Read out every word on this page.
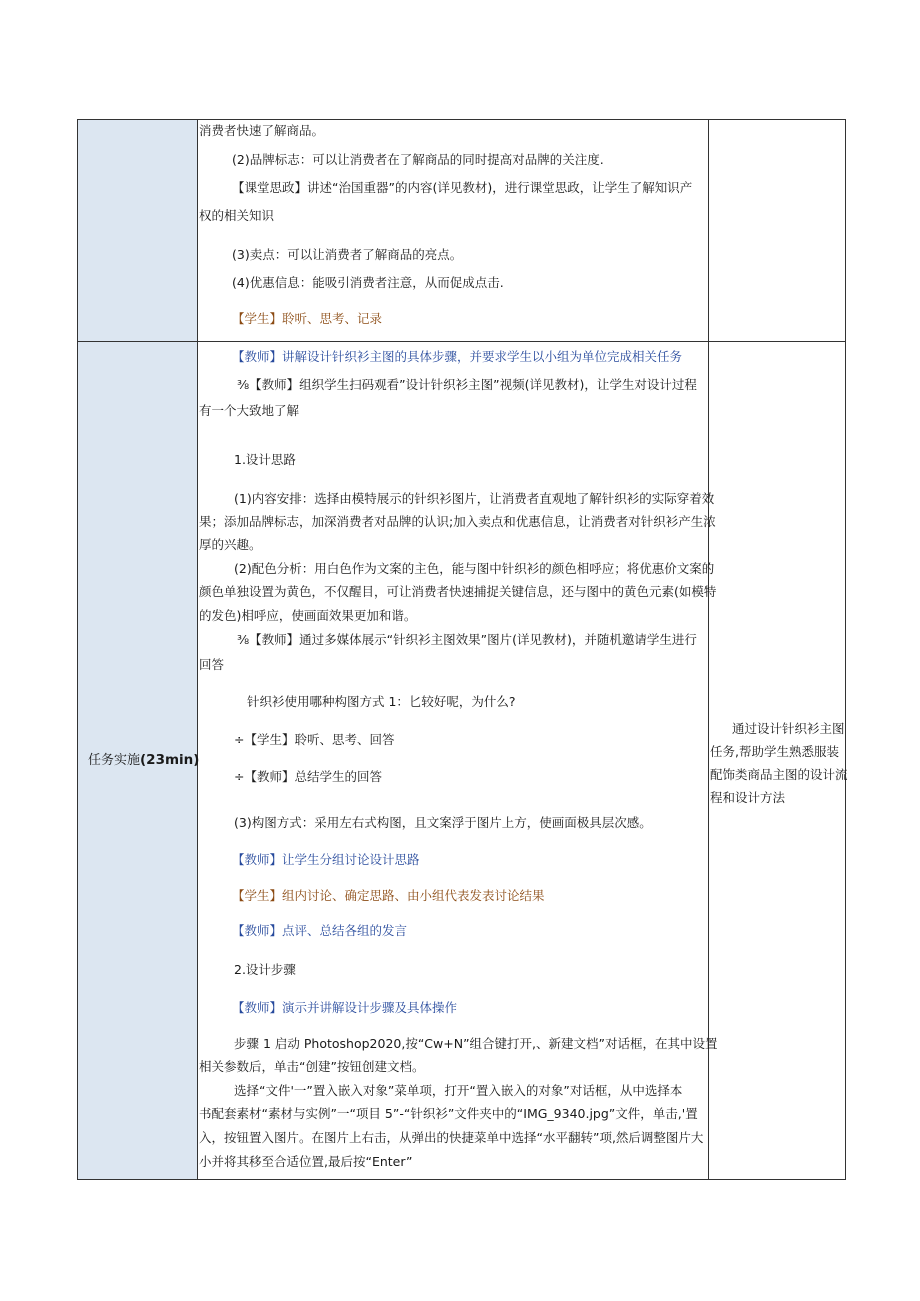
消费者快速了解商品。
(2)品牌标志：可以让消费者在了解商品的同时提高对品牌的关注度.
【课堂思政】讲述“治国重器”的内容(详见教材)，进行课堂思政，让学生了解知识产
权的相关知识
(3)卖点：可以让消费者了解商品的亮点。
(4)优惠信息：能吸引消费者注意，从而促成点击.
【学生】聆听、思考、记录
任务实施(23min)
通过设计针织衫主图
任务,帮助学生熟悉服装
配饰类商品主图的设计流
程和设计方法
【教师】讲解设计针织衫主图的具体步骤，并要求学生以小组为单位完成相关任务
⅜【教师】组织学生扫码观看”设计针织衫主图”视频(详见教材)，让学生对设计过程
有一个大致地了解
1.设计思路
(1)内容安排：选择由模特展示的针织衫图片，让消费者直观地了解针织衫的实际穿着效
果；添加品牌标志，加深消费者对品牌的认识;加入卖点和优惠信息，让消费者对针织衫产生浓
厚的兴趣。
(2)配色分析：用白色作为文案的主色，能与图中针织衫的颜色相呼应；将优惠价文案的
颜色单独设置为黄色，不仅醒目，可让消费者快速捕捉关键信息，还与图中的黄色元素(如模特
的发色)相呼应，使画面效果更加和谐。
⅜【教师】通过多媒体展示“针织衫主图效果”图片(详见教材)，并随机邀请学生进行
回答
针织衫使用哪种构图方式 1：匕较好呢，为什么?
÷【学生】聆听、思考、回答
÷【教师】总结学生的回答
(3)构图方式：采用左右式构图，且文案浮于图片上方，使画面极具层次感。
【教师】让学生分组讨论设计思路
【学生】组内讨论、确定思路、由小组代表发表讨论结果
【教师】点评、总结各组的发言
2.设计步骤
【教师】演示并讲解设计步骤及具体操作
步骤 1 启动 Photoshop2020,按“Cw+N”组合键打开,、新建文档”对话框，在其中设置
相关参数后，单击“创建”按钮创建文档。
选择“文件'一”置入嵌入对象”菜单项，打开“置入嵌入的对象”对话框，从中选择本
书配套素材“素材与实例”一“项目 5”-“针织衫”文件夹中的“IMG_9340.jpg”文件，单击,'置
入，按钮置入图片。在图片上右击，从弹出的快捷菜单中选择“水平翻转”项,然后调整图片大
小并将其移至合适位置,最后按“Enter”
